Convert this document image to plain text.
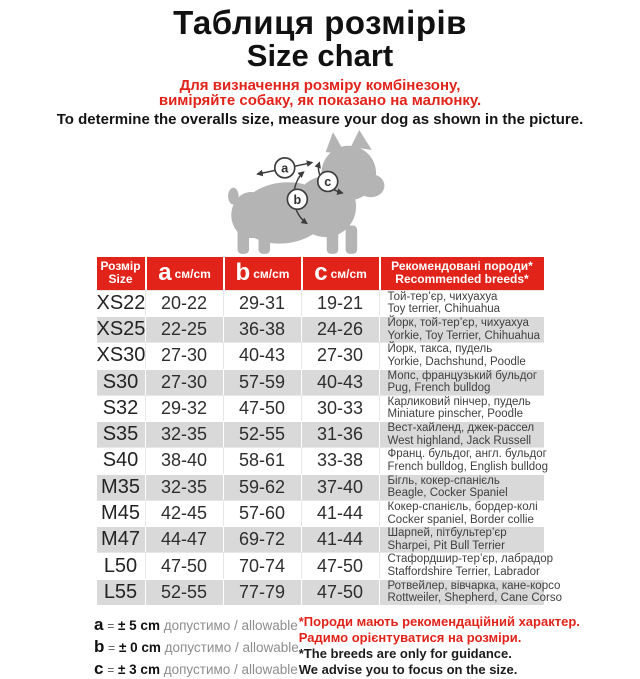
Таблиця розмірів
Size chart
Для визначення розміру комбінезону,
виміряйте собаку, як показано на малюнку.
To determine the overalls size, measure your dog as shown in the picture.
a
b
c
Розмір
Size	a см/cm	b см/cm	c см/cm	Рекомендовані породи*
Recommended breeds*
XS22	20-22	29-31	19-21	Той-тер’єр, чихуахуа
Toy terrier, Chihuahua

XS25	22-25	36-38	24-26	Йорк, той-тер’єр, чихуахуа
Yorkie, Toy Terrier, Chihuahua

XS30	27-30	40-43	27-30	Йорк, такса, пудель
Yorkie, Dachshund, Poodle

S30	27-30	57-59	40-43	Мопс, французький бульдог
Pug, French bulldog

S32	29-32	47-50	30-33	Карликовий пінчер, пудель
Miniature pinscher, Poodle

S35	32-35	52-55	31-36	Вест-хайленд, джек-рассел
West highland, Jack Russell

S40	38-40	58-61	33-38	Франц. бульдог, англ. бульдог
French bulldog, English bulldog

M35	32-35	59-62	37-40	Бігль, кокер-спанієль
Beagle, Cocker Spaniel

M45	42-45	57-60	41-44	Кокер-спанієль, бордер-колі
Cocker spaniel, Border collie

M47	44-47	69-72	41-44	Шарпей, пітбультер’єр
Sharpei, Pit Bull Terrier

L50	47-50	70-74	47-50	Стафордшир-тер’єр, лабрадор
Staffordshire Terrier, Labrador

L55	52-55	77-79	47-50	Ротвейлер, вівчарка, кане-корсо
Rottweiler, Shepherd, Cane Corso
a = ± 5 cm допустимо / allowable
b = ± 0 cm допустимо / allowable
c = ± 3 cm допустимо / allowable
*Породи мають рекомендаційний характер.
Радимо орієнтуватися на розміри.
*The breeds are only for guidance.
We advise you to focus on the size.
